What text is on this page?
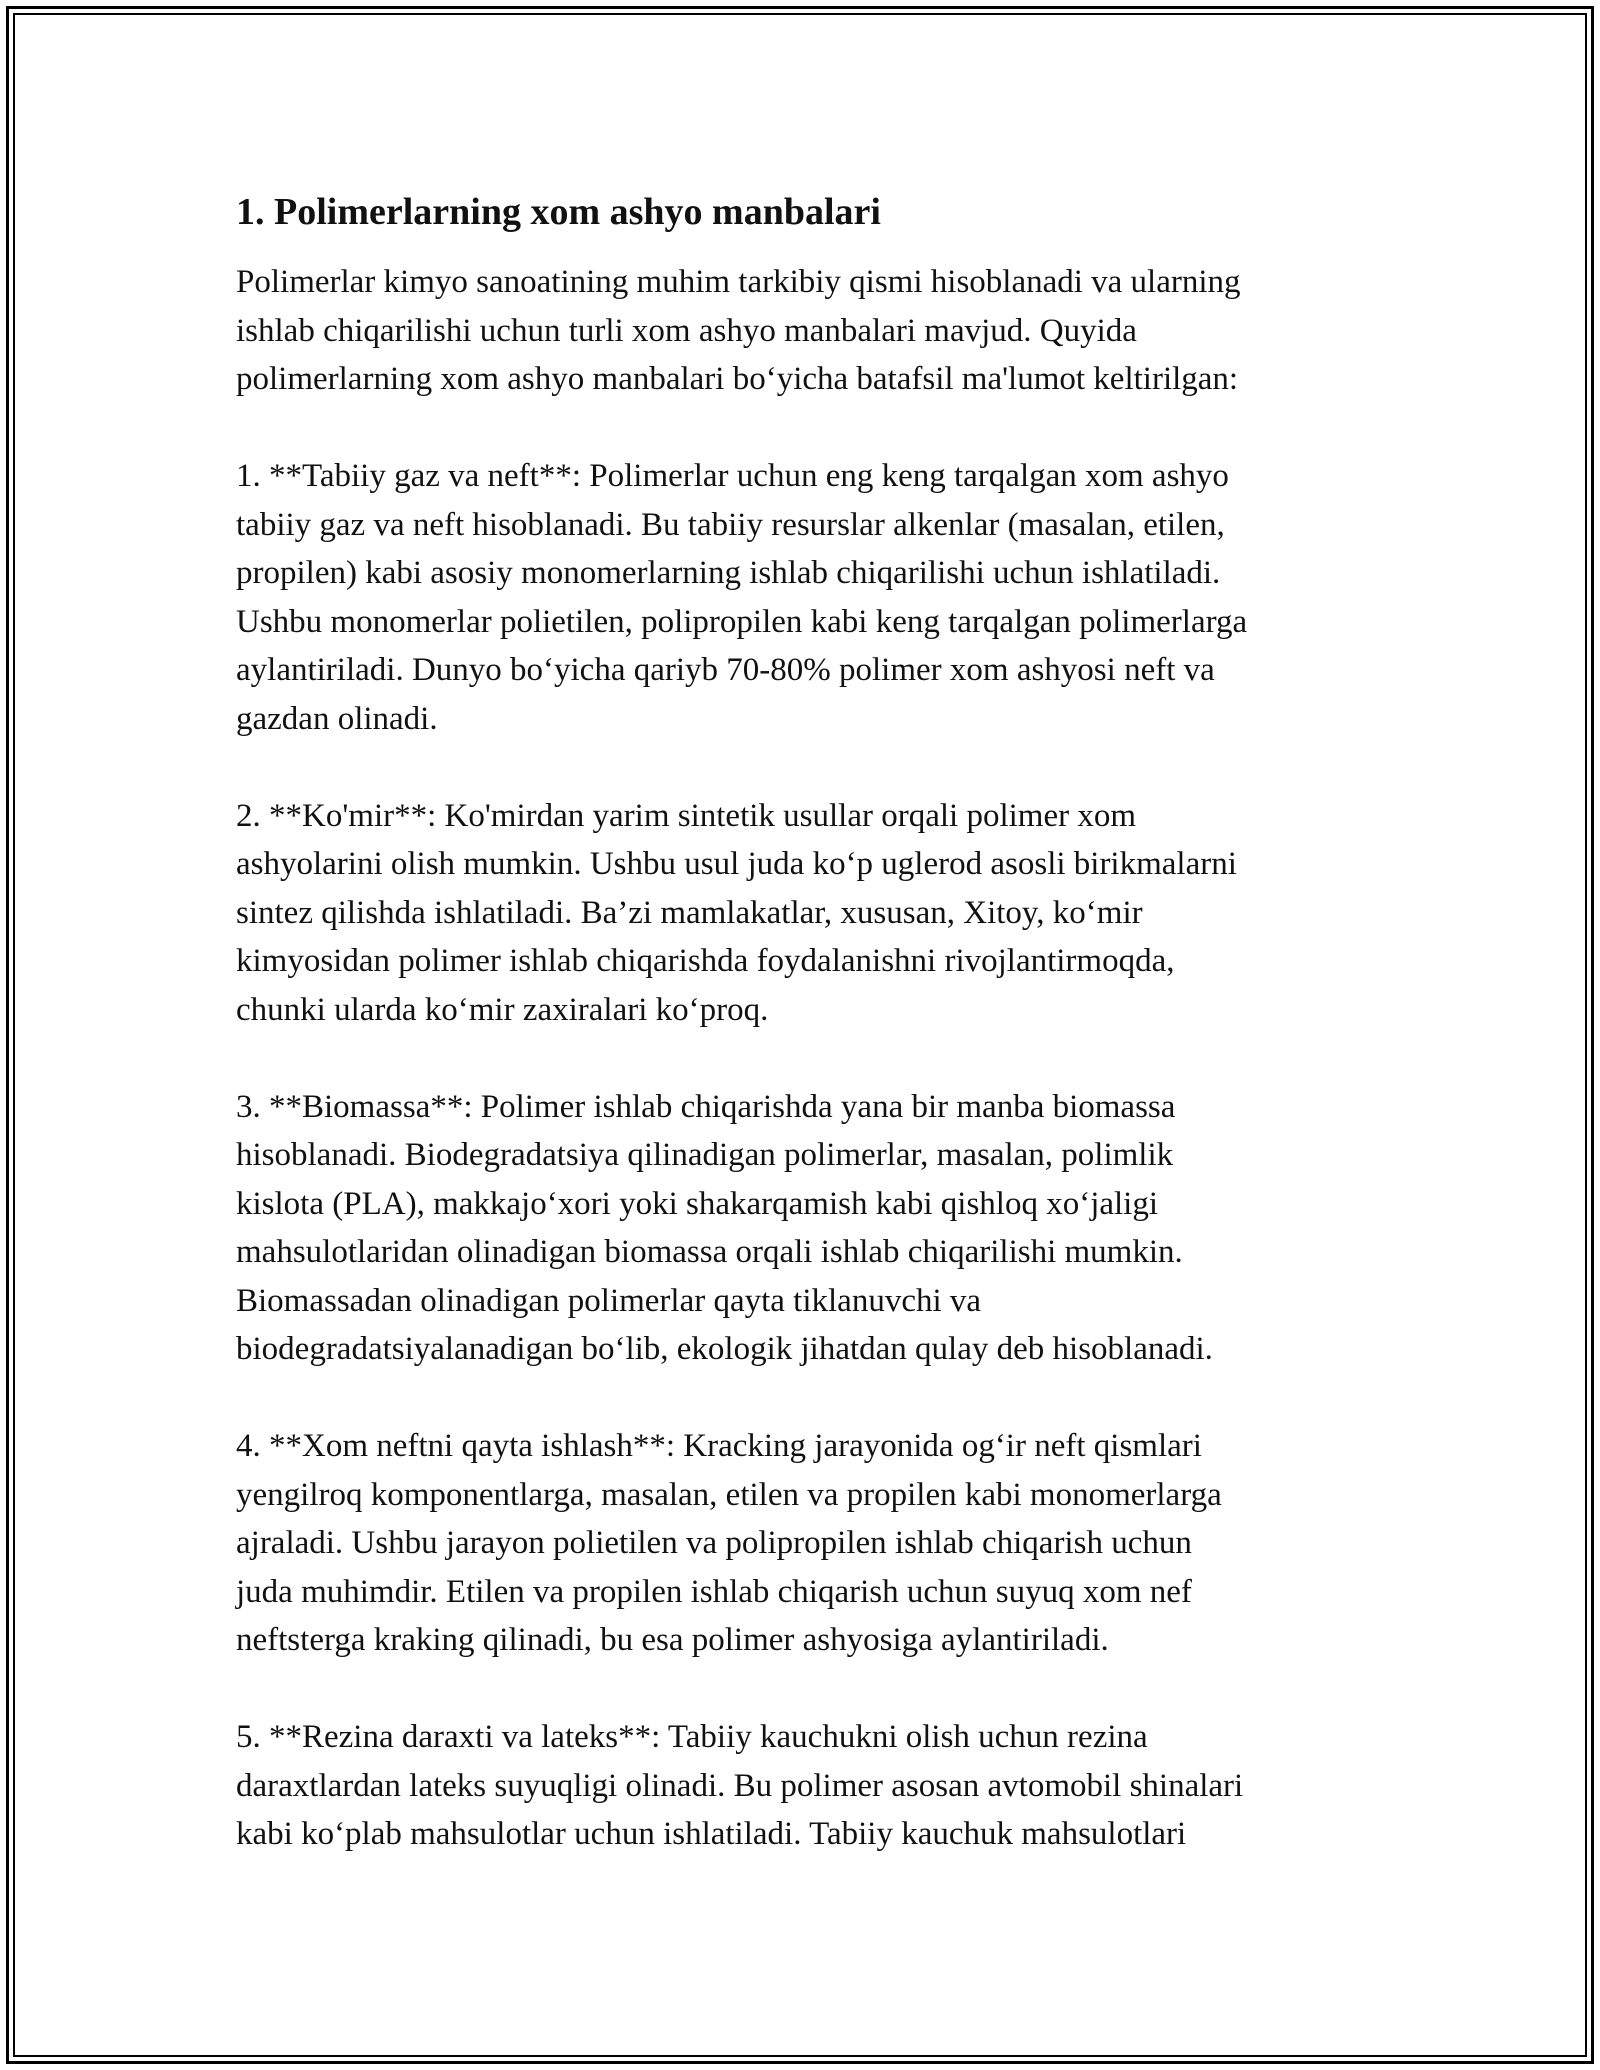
1. Polimerlarning xom ashyo manbalari
Polimerlar kimyo sanoatining muhim tarkibiy qismi hisoblanadi va ularning
ishlab chiqarilishi uchun turli xom ashyo manbalari mavjud. Quyida
polimerlarning xom ashyo manbalari bo‘yicha batafsil ma'lumot keltirilgan:
1. **Tabiiy gaz va neft**: Polimerlar uchun eng keng tarqalgan xom ashyo
tabiiy gaz va neft hisoblanadi. Bu tabiiy resurslar alkenlar (masalan, etilen,
propilen) kabi asosiy monomerlarning ishlab chiqarilishi uchun ishlatiladi.
Ushbu monomerlar polietilen, polipropilen kabi keng tarqalgan polimerlarga
aylantiriladi. Dunyo bo‘yicha qariyb 70-80% polimer xom ashyosi neft va
gazdan olinadi.
2. **Ko'mir**: Ko'mirdan yarim sintetik usullar orqali polimer xom
ashyolarini olish mumkin. Ushbu usul juda ko‘p uglerod asosli birikmalarni
sintez qilishda ishlatiladi. Ba’zi mamlakatlar, xususan, Xitoy, ko‘mir
kimyosidan polimer ishlab chiqarishda foydalanishni rivojlantirmoqda,
chunki ularda ko‘mir zaxiralari ko‘proq.
3. **Biomassa**: Polimer ishlab chiqarishda yana bir manba biomassa
hisoblanadi. Biodegradatsiya qilinadigan polimerlar, masalan, polimlik
kislota (PLA), makkajo‘xori yoki shakarqamish kabi qishloq xo‘jaligi
mahsulotlaridan olinadigan biomassa orqali ishlab chiqarilishi mumkin.
Biomassadan olinadigan polimerlar qayta tiklanuvchi va
biodegradatsiyalanadigan bo‘lib, ekologik jihatdan qulay deb hisoblanadi.
4. **Xom neftni qayta ishlash**: Kracking jarayonida og‘ir neft qismlari
yengilroq komponentlarga, masalan, etilen va propilen kabi monomerlarga
ajraladi. Ushbu jarayon polietilen va polipropilen ishlab chiqarish uchun
juda muhimdir. Etilen va propilen ishlab chiqarish uchun suyuq xom nef
neftsterga kraking qilinadi, bu esa polimer ashyosiga aylantiriladi.
5. **Rezina daraxti va lateks**: Tabiiy kauchukni olish uchun rezina
daraxtlardan lateks suyuqligi olinadi. Bu polimer asosan avtomobil shinalari
kabi ko‘plab mahsulotlar uchun ishlatiladi. Tabiiy kauchuk mahsulotlari
